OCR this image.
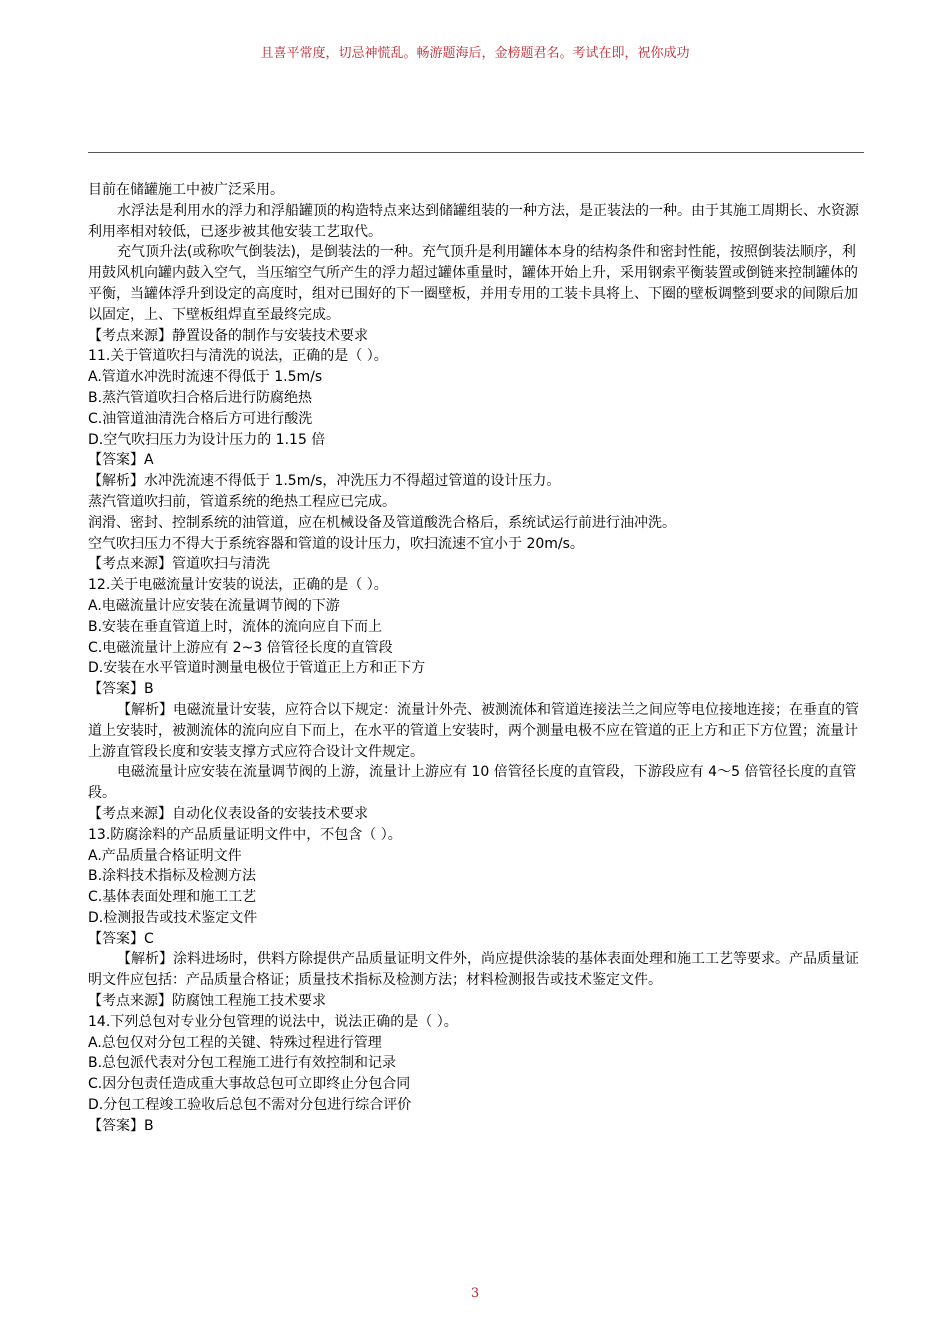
且喜平常度，切忌神慌乱。畅游题海后，金榜题君名。考试在即，祝你成功

目前在储罐施工中被广泛采用。

水浮法是利用水的浮力和浮船罐顶的构造特点来达到储罐组装的一种方法，是正装法的一种。由于其施工周期长、水资源利用率相对较低，已逐步被其他安装工艺取代。

充气顶升法(或称吹气倒装法)，是倒装法的一种。充气顶升是利用罐体本身的结构条件和密封性能，按照倒装法顺序，利用鼓风机向罐内鼓入空气，当压缩空气所产生的浮力超过罐体重量时，罐体开始上升，采用钢索平衡装置或倒链来控制罐体的平衡，当罐体浮升到设定的高度时，组对已围好的下一圈壁板，并用专用的工装卡具将上、下圈的壁板调整到要求的间隙后加以固定，上、下壁板组焊直至最终完成。

【考点来源】静置设备的制作与安装技术要求

11.关于管道吹扫与清洗的说法，正确的是（ ）。

A.管道水冲洗时流速不得低于 1.5m/s

B.蒸汽管道吹扫合格后进行防腐绝热

C.油管道油清洗合格后方可进行酸洗

D.空气吹扫压力为设计压力的 1.15 倍

【答案】A

【解析】水冲洗流速不得低于 1.5m/s，冲洗压力不得超过管道的设计压力。

蒸汽管道吹扫前，管道系统的绝热工程应已完成。

润滑、密封、控制系统的油管道，应在机械设备及管道酸洗合格后，系统试运行前进行油冲洗。

空气吹扫压力不得大于系统容器和管道的设计压力，吹扫流速不宜小于 20m/s。

【考点来源】管道吹扫与清洗

12.关于电磁流量计安装的说法，正确的是（ ）。

A.电磁流量计应安装在流量调节阀的下游

B.安装在垂直管道上时，流体的流向应自下而上

C.电磁流量计上游应有 2~3 倍管径长度的直管段

D.安装在水平管道时测量电极位于管道正上方和正下方

【答案】B

【解析】电磁流量计安装，应符合以下规定：流量计外壳、被测流体和管道连接法兰之间应等电位接地连接；在垂直的管道上安装时，被测流体的流向应自下而上，在水平的管道上安装时，两个测量电极不应在管道的正上方和正下方位置；流量计上游直管段长度和安装支撑方式应符合设计文件规定。

电磁流量计应安装在流量调节阀的上游，流量计上游应有 10 倍管径长度的直管段，下游段应有 4～5 倍管径长度的直管段。

【考点来源】自动化仪表设备的安装技术要求

13.防腐涂料的产品质量证明文件中，不包含（ ）。

A.产品质量合格证明文件

B.涂料技术指标及检测方法

C.基体表面处理和施工工艺

D.检测报告或技术鉴定文件

【答案】C

【解析】涂料进场时，供料方除提供产品质量证明文件外，尚应提供涂装的基体表面处理和施工工艺等要求。产品质量证明文件应包括：产品质量合格证；质量技术指标及检测方法；材料检测报告或技术鉴定文件。

【考点来源】防腐蚀工程施工技术要求

14.下列总包对专业分包管理的说法中，说法正确的是（ ）。

A.总包仅对分包工程的关键、特殊过程进行管理

B.总包派代表对分包工程施工进行有效控制和记录

C.因分包责任造成重大事故总包可立即终止分包合同

D.分包工程竣工验收后总包不需对分包进行综合评价

【答案】B

3
